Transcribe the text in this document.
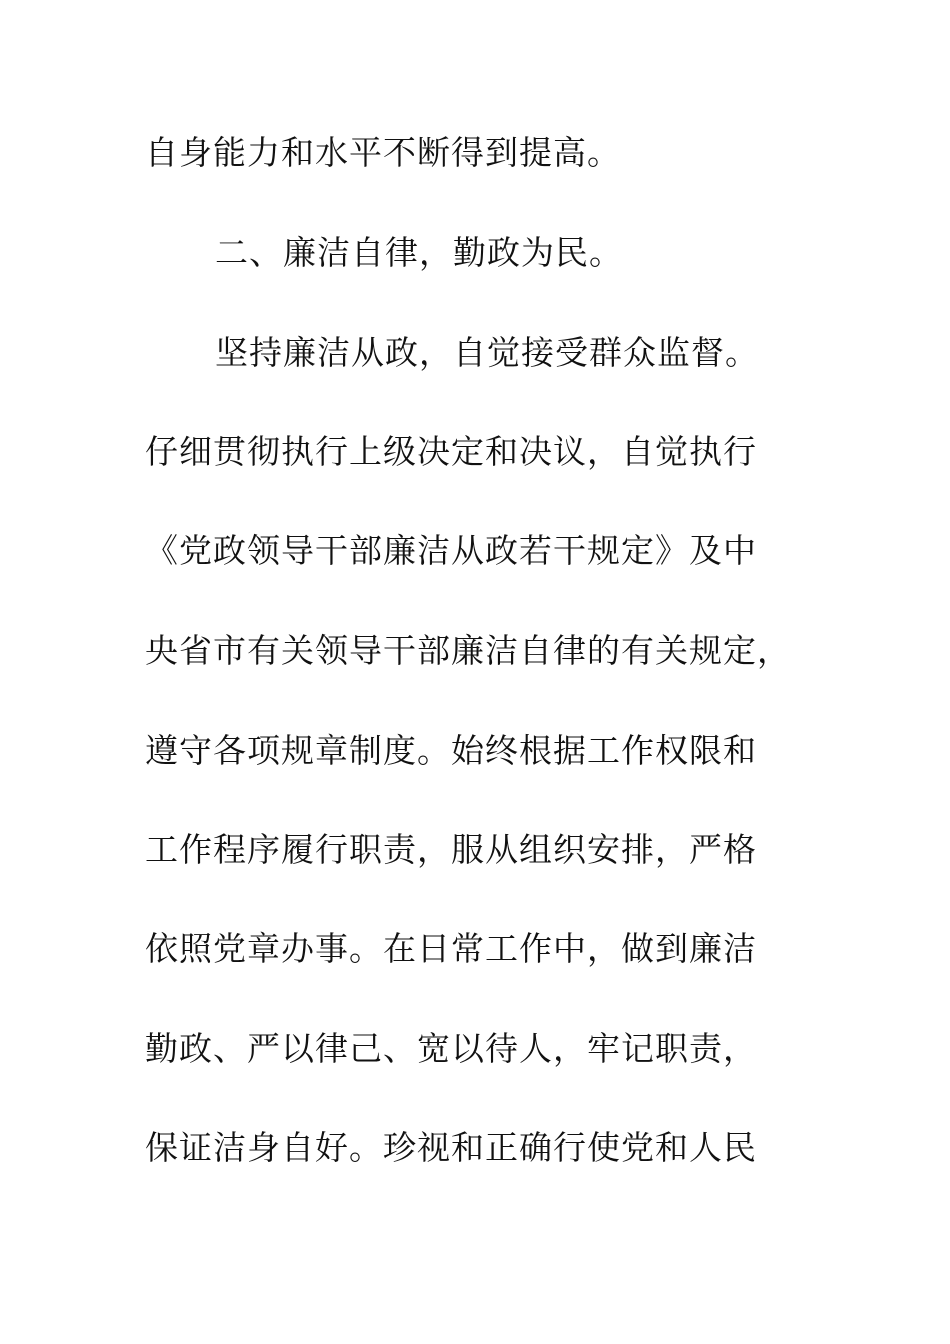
自身能力和水平不断得到提高。
二、廉洁自律，勤政为民。
坚持廉洁从政，自觉接受群众监督。
仔细贯彻执行上级决定和决议，自觉执行
《党政领导干部廉洁从政若干规定》及中
央省市有关领导干部廉洁自律的有关规定，
遵守各项规章制度。始终根据工作权限和
工作程序履行职责，服从组织安排，严格
依照党章办事。在日常工作中，做到廉洁
勤政、严以律己、宽以待人，牢记职责，
保证洁身自好。珍视和正确行使党和人民
